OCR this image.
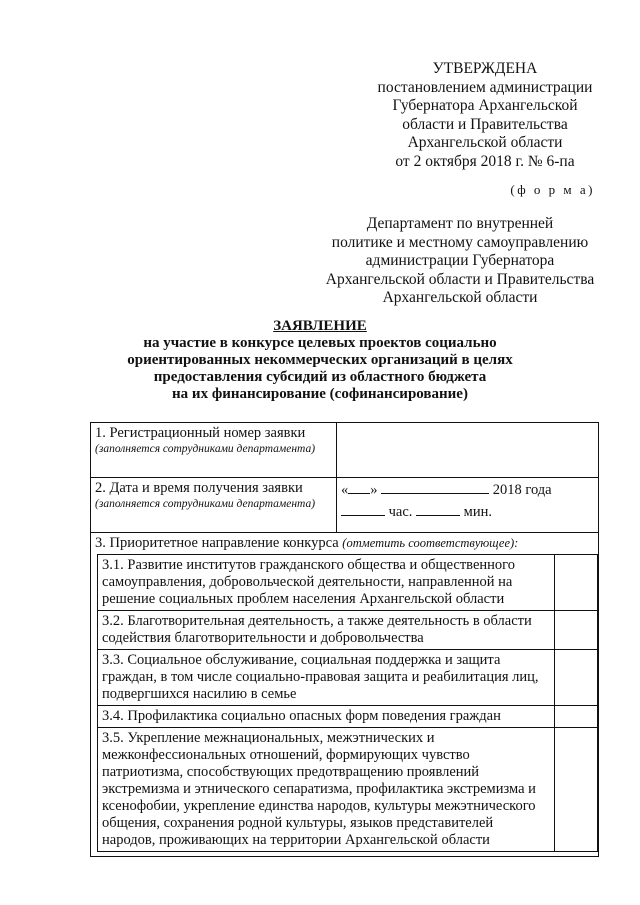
УТВЕРЖДЕНА
постановлением администрации
Губернатора Архангельской
области и Правительства
Архангельской области
от 2 октября 2018 г. № 6-па
(ф о р м а)
Департамент по внутренней
политике и местному самоуправлению
администрации Губернатора
Архангельской области и Правительства
Архангельской области
ЗАЯВЛЕНИЕ
на участие в конкурсе целевых проектов социально
ориентированных некоммерческих организаций в целях
предоставления субсидий из областного бюджета
на их финансирование (софинансирование)
1. Регистрационный номер заявки
(заполняется сотрудниками департамента)

2. Дата и время получения заявки
(заполняется сотрудниками департамента)

« »	2018 года
час.	мин.

3. Приоритетное направление конкурса (отметить соответствующее):

3.1. Развитие институтов гражданского общества и общественного самоуправления, добровольческой деятельности, направленной на решение социальных проблем населения Архангельской области	
3.2. Благотворительная деятельность, а также деятельность в области содействия благотворительности и добровольчества	
3.3. Социальное обслуживание, социальная поддержка и защита граждан, в том числе социально-правовая защита и реабилитация лиц, подвергшихся насилию в семье	
3.4. Профилактика социально опасных форм поведения граждан	
3.5. Укрепление межнациональных, межэтнических и межконфессиональных отношений, формирующих чувство патриотизма, способствующих предотвращению проявлений экстремизма и этнического сепаратизма, профилактика экстремизма и ксенофобии, укрепление единства народов, культуры межэтнического общения, сохранения родной культуры, языков представителей народов, проживающих на территории Архангельской области	
